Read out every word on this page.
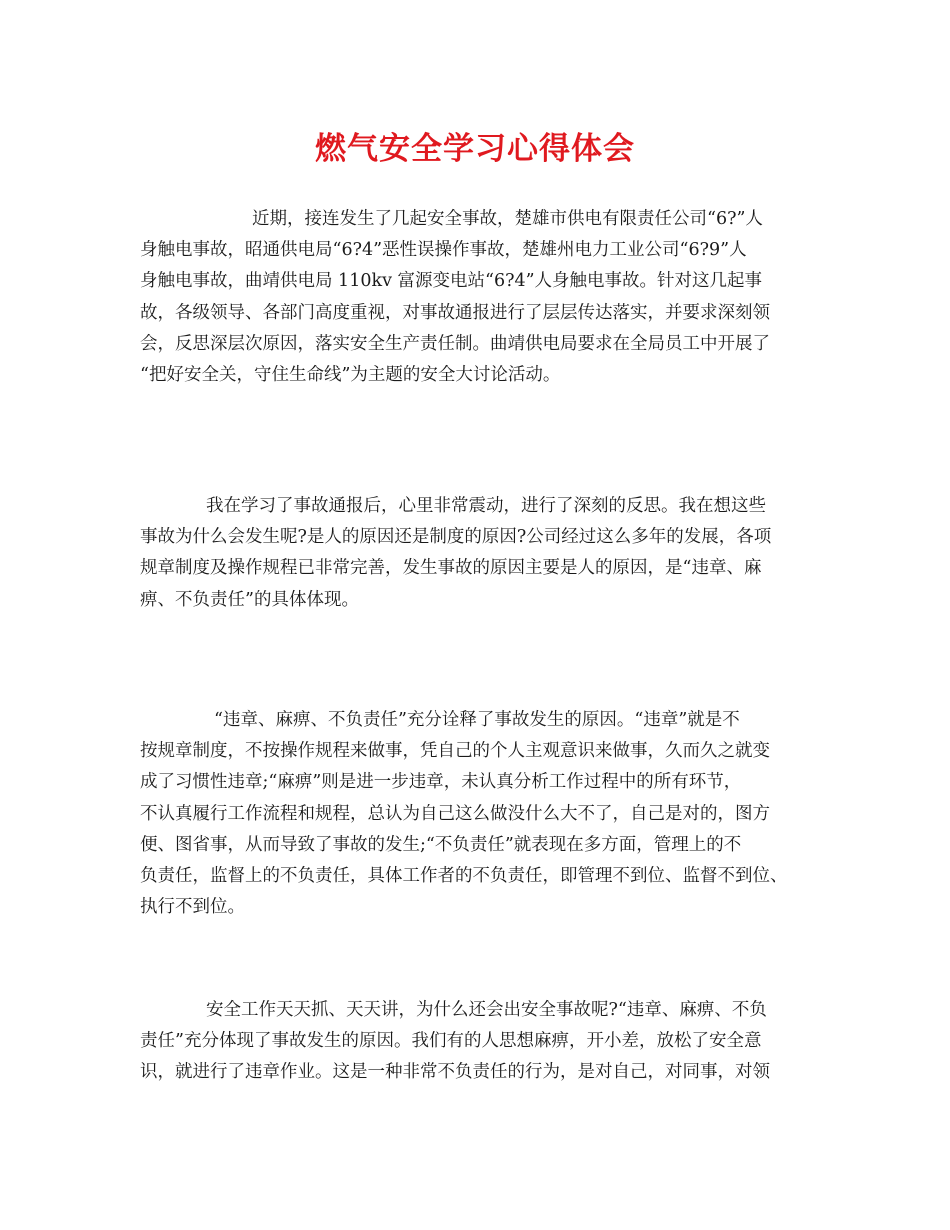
燃气安全学习心得体会
近期，接连发生了几起安全事故，楚雄市供电有限责任公司“6?”人
身触电事故，昭通供电局“6?4”恶性误操作事故，楚雄州电力工业公司“6?9”人
身触电事故，曲靖供电局 110kv 富源变电站“6?4”人身触电事故。针对这几起事
故，各级领导、各部门高度重视，对事故通报进行了层层传达落实，并要求深刻领
会，反思深层次原因，落实安全生产责任制。曲靖供电局要求在全局员工中开展了
“把好安全关，守住生命线”为主题的安全大讨论活动。
我在学习了事故通报后，心里非常震动，进行了深刻的反思。我在想这些
事故为什么会发生呢?是人的原因还是制度的原因?公司经过这么多年的发展，各项
规章制度及操作规程已非常完善，发生事故的原因主要是人的原因，是“违章、麻
痹、不负责任”的具体体现。
“违章、麻痹、不负责任”充分诠释了事故发生的原因。“违章”就是不
按规章制度，不按操作规程来做事，凭自己的个人主观意识来做事，久而久之就变
成了习惯性违章;“麻痹”则是进一步违章，未认真分析工作过程中的所有环节，
不认真履行工作流程和规程，总认为自己这么做没什么大不了，自己是对的，图方
便、图省事，从而导致了事故的发生;“不负责任”就表现在多方面，管理上的不
负责任，监督上的不负责任，具体工作者的不负责任，即管理不到位、监督不到位、
执行不到位。
安全工作天天抓、天天讲，为什么还会出安全事故呢?“违章、麻痹、不负
责任”充分体现了事故发生的原因。我们有的人思想麻痹，开小差，放松了安全意
识，就进行了违章作业。这是一种非常不负责任的行为，是对自己，对同事，对领
